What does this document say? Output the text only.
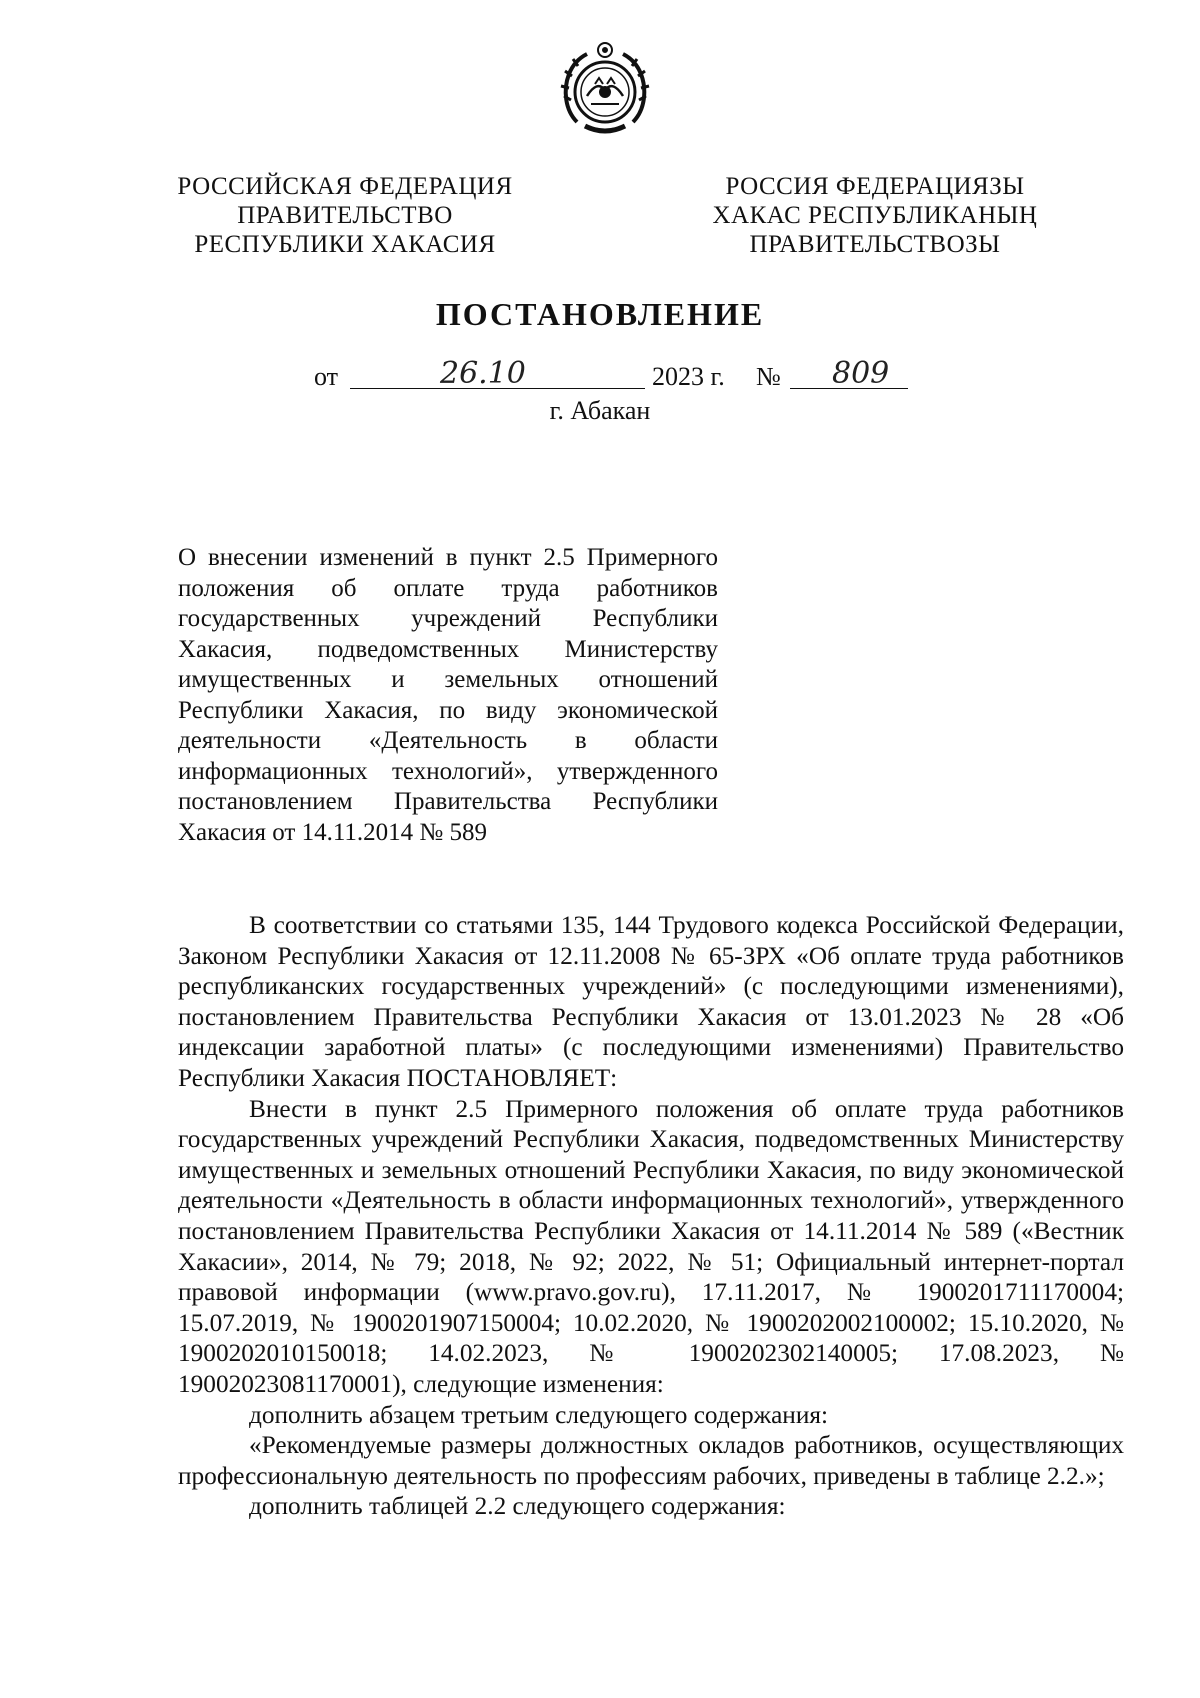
РОССИЙСКАЯ ФЕДЕРАЦИЯ
ПРАВИТЕЛЬСТВО
РЕСПУБЛИКИ ХАКАСИЯ
РОССИЯ ФЕДЕРАЦИЯЗЫ
ХАКАС РЕСПУБЛИКАНЫҢ
ПРАВИТЕЛЬСТВОЗЫ
ПОСТАНОВЛЕНИЕ
от	26.10	2023 г. № 809
г. Абакан
О внесении изменений в пункт 2.5 Примерного положения об оплате труда работников государственных учреждений Республики Хакасия, подведомственных Министерству имущественных и земельных отношений Республики Хакасия, по виду экономической деятельности «Деятельность в области информационных технологий», утвержденного постановлением Правительства Республики Хакасия от 14.11.2014 № 589

В соответствии со статьями 135, 144 Трудового кодекса Российской Федерации, Законом Республики Хакасия от 12.11.2008 № 65-ЗРХ «Об оплате труда работников республиканских государственных учреждений» (с последующими изменениями), постановлением Правительства Республики Хакасия от 13.01.2023 № 28 «Об индексации заработной платы» (с последующими изменениями) Правительство Республики Хакасия ПОСТАНОВЛЯЕТ:

Внести в пункт 2.5 Примерного положения об оплате труда работников государственных учреждений Республики Хакасия, подведомственных Министерству имущественных и земельных отношений Республики Хакасия, по виду экономической деятельности «Деятельность в области информационных технологий», утвержденного постановлением Правительства Республики Хакасия от 14.11.2014 № 589 («Вестник Хакасии», 2014, № 79; 2018, № 92; 2022, № 51; Официальный интернет-портал правовой информации (www.pravo.gov.ru), 17.11.2017, № 1900201711170004; 15.07.2019, № 1900201907150004; 10.02.2020, № 1900202002100002; 15.10.2020, № 1900202010150018; 14.02.2023, № 1900202302140005; 17.08.2023, № 19002023081170001), следующие изменения:

дополнить абзацем третьим следующего содержания:

«Рекомендуемые размеры должностных окладов работников, осуществляющих профессиональную деятельность по профессиям рабочих, приведены в таблице 2.2.»;

дополнить таблицей 2.2 следующего содержания:
